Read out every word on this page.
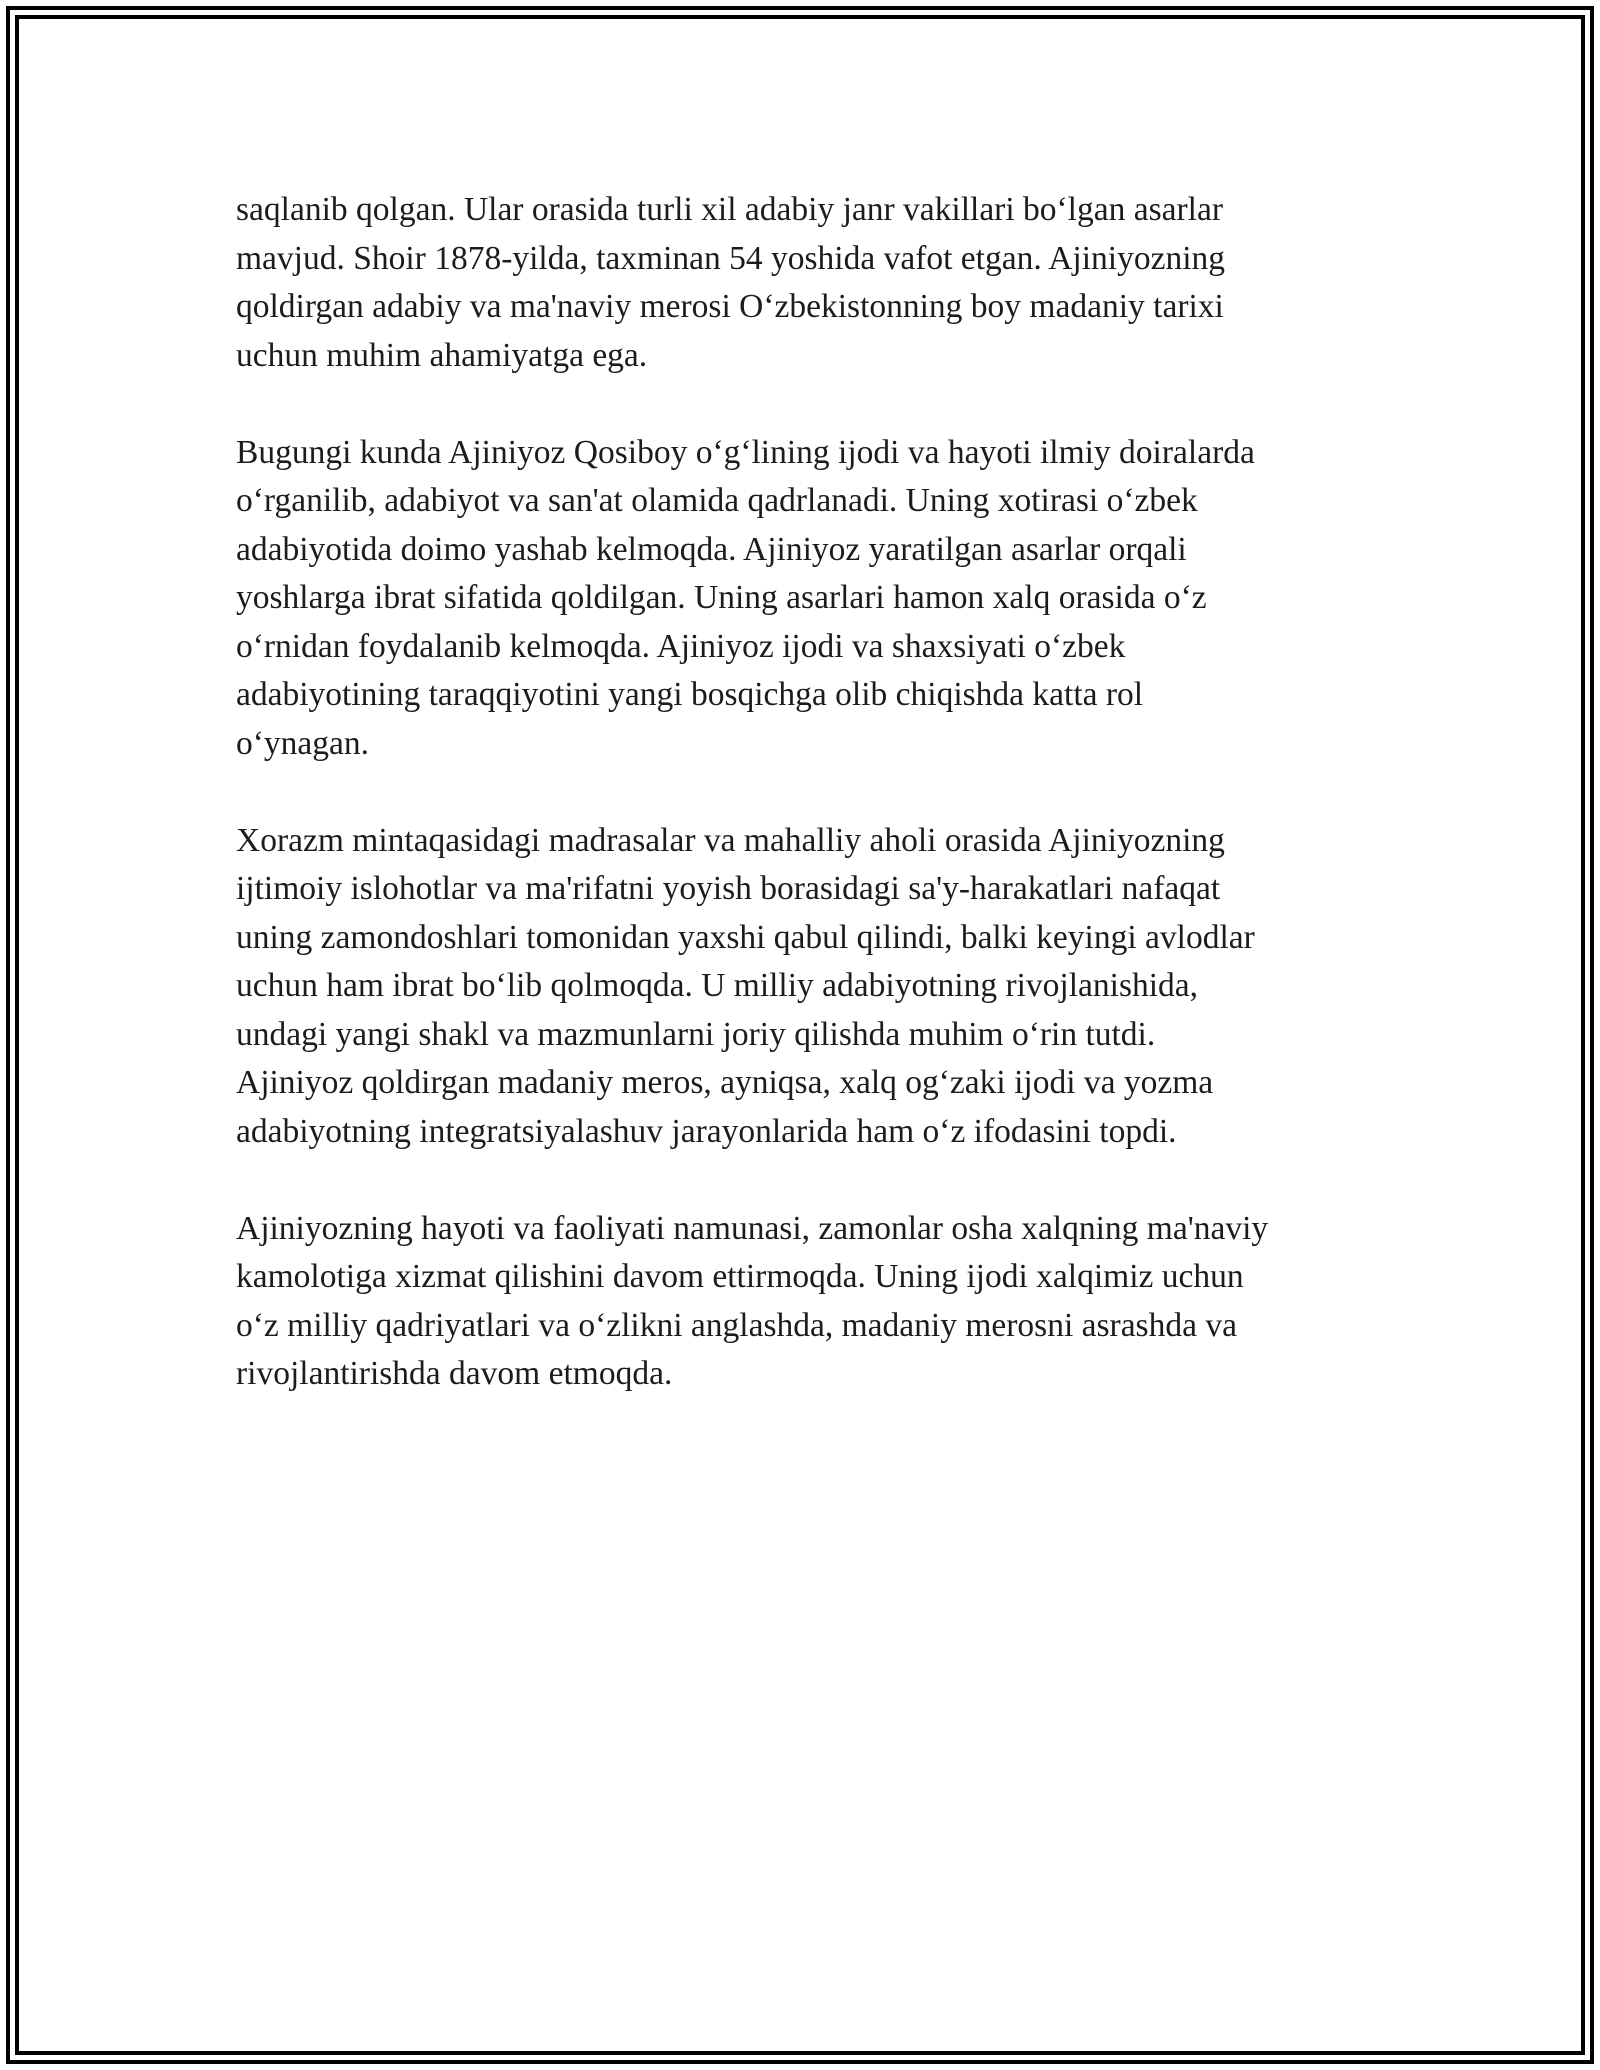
saqlanib qolgan. Ular orasida turli xil adabiy janr vakillari bo‘lgan asarlar
mavjud. Shoir 1878-yilda, taxminan 54 yoshida vafot etgan. Ajiniyozning
qoldirgan adabiy va ma'naviy merosi O‘zbekistonning boy madaniy tarixi
uchun muhim ahamiyatga ega.

Bugungi kunda Ajiniyoz Qosiboy o‘g‘lining ijodi va hayoti ilmiy doiralarda
o‘rganilib, adabiyot va san'at olamida qadrlanadi. Uning xotirasi o‘zbek
adabiyotida doimo yashab kelmoqda. Ajiniyoz yaratilgan asarlar orqali
yoshlarga ibrat sifatida qoldilgan. Uning asarlari hamon xalq orasida o‘z
o‘rnidan foydalanib kelmoqda. Ajiniyoz ijodi va shaxsiyati o‘zbek
adabiyotining taraqqiyotini yangi bosqichga olib chiqishda katta rol
o‘ynagan.

Xorazm mintaqasidagi madrasalar va mahalliy aholi orasida Ajiniyozning
ijtimoiy islohotlar va ma'rifatni yoyish borasidagi sa'y-harakatlari nafaqat
uning zamondoshlari tomonidan yaxshi qabul qilindi, balki keyingi avlodlar
uchun ham ibrat bo‘lib qolmoqda. U milliy adabiyotning rivojlanishida,
undagi yangi shakl va mazmunlarni joriy qilishda muhim o‘rin tutdi.
Ajiniyoz qoldirgan madaniy meros, ayniqsa, xalq og‘zaki ijodi va yozma
adabiyotning integratsiyalashuv jarayonlarida ham o‘z ifodasini topdi.

Ajiniyozning hayoti va faoliyati namunasi, zamonlar osha xalqning ma'naviy
kamolotiga xizmat qilishini davom ettirmoqda. Uning ijodi xalqimiz uchun
o‘z milliy qadriyatlari va o‘zlikni anglashda, madaniy merosni asrashda va
rivojlantirishda davom etmoqda.
